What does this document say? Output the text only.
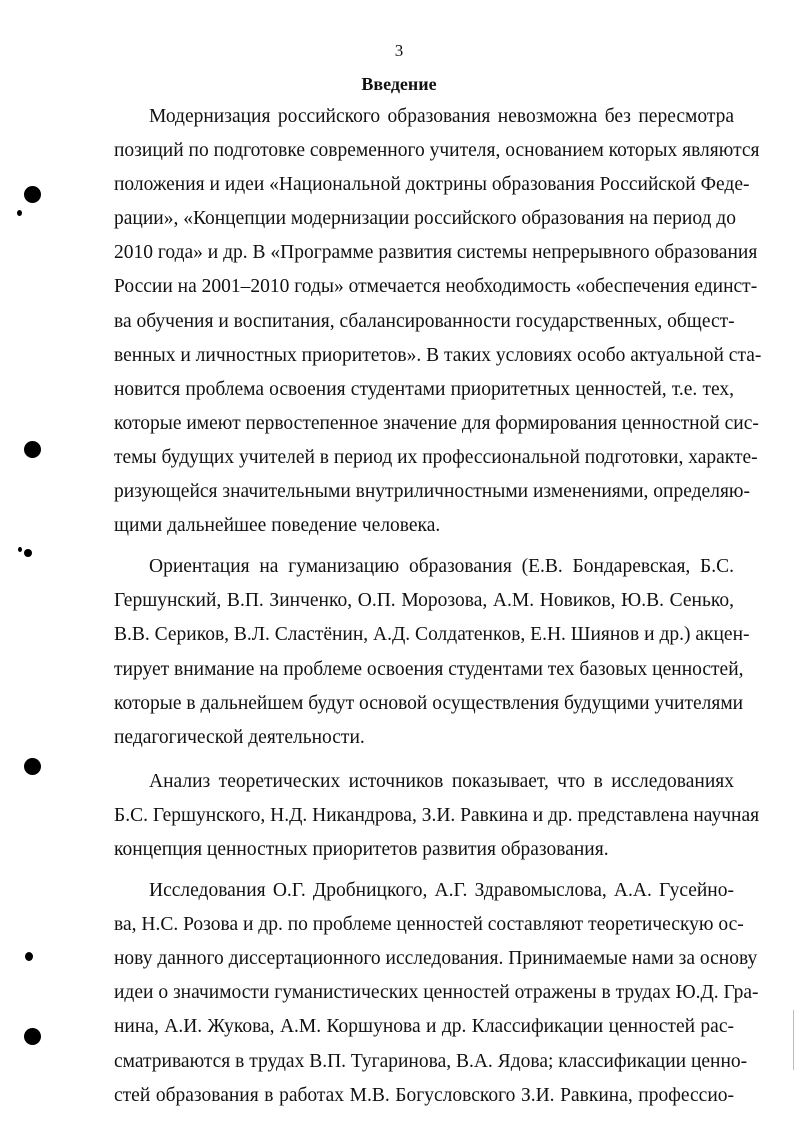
3
Введение

Модернизация российского образования невозможна без пересмотра
позиций по подготовке современного учителя, основанием которых являются
положения и идеи «Национальной доктрины образования Российской Феде-
рации», «Концепции модернизации российского образования на период до
2010 года» и др. В «Программе развития системы непрерывного образования
России на 2001–2010 годы» отмечается необходимость «обеспечения единст-
ва обучения и воспитания, сбалансированности государственных, общест-
венных и личностных приоритетов». В таких условиях особо актуальной ста-
новится проблема освоения студентами приоритетных ценностей, т.е. тех,
которые имеют первостепенное значение для формирования ценностной сис-
темы будущих учителей в период их профессиональной подготовки, характе-
ризующейся значительными внутриличностными изменениями, определяю-
щими дальнейшее поведение человека.

Ориентация на гуманизацию образования (Е.В. Бондаревская, Б.С.
Гершунский, В.П. Зинченко, О.П. Морозова, А.М. Новиков, Ю.В. Сенько,
В.В. Сериков, В.Л. Сластёнин, А.Д. Солдатенков, Е.Н. Шиянов и др.) акцен-
тирует внимание на проблеме освоения студентами тех базовых ценностей,
которые в дальнейшем будут основой осуществления будущими учителями
педагогической деятельности.

Анализ теоретических источников показывает, что в исследованиях
Б.С. Гершунского, Н.Д. Никандрова, З.И. Равкина и др. представлена научная
концепция ценностных приоритетов развития образования.

Исследования О.Г. Дробницкого, А.Г. Здравомыслова, А.А. Гусейно-
ва, Н.С. Розова и др. по проблеме ценностей составляют теоретическую ос-
нову данного диссертационного исследования. Принимаемые нами за основу
идеи о значимости гуманистических ценностей отражены в трудах Ю.Д. Гра-
нина, А.И. Жукова, А.М. Коршунова и др. Классификации ценностей рас-
сматриваются в трудах В.П. Тугаринова, В.А. Ядова; классификации ценно-
стей образования в работах М.В. Богусловского З.И. Равкина, профессио-
